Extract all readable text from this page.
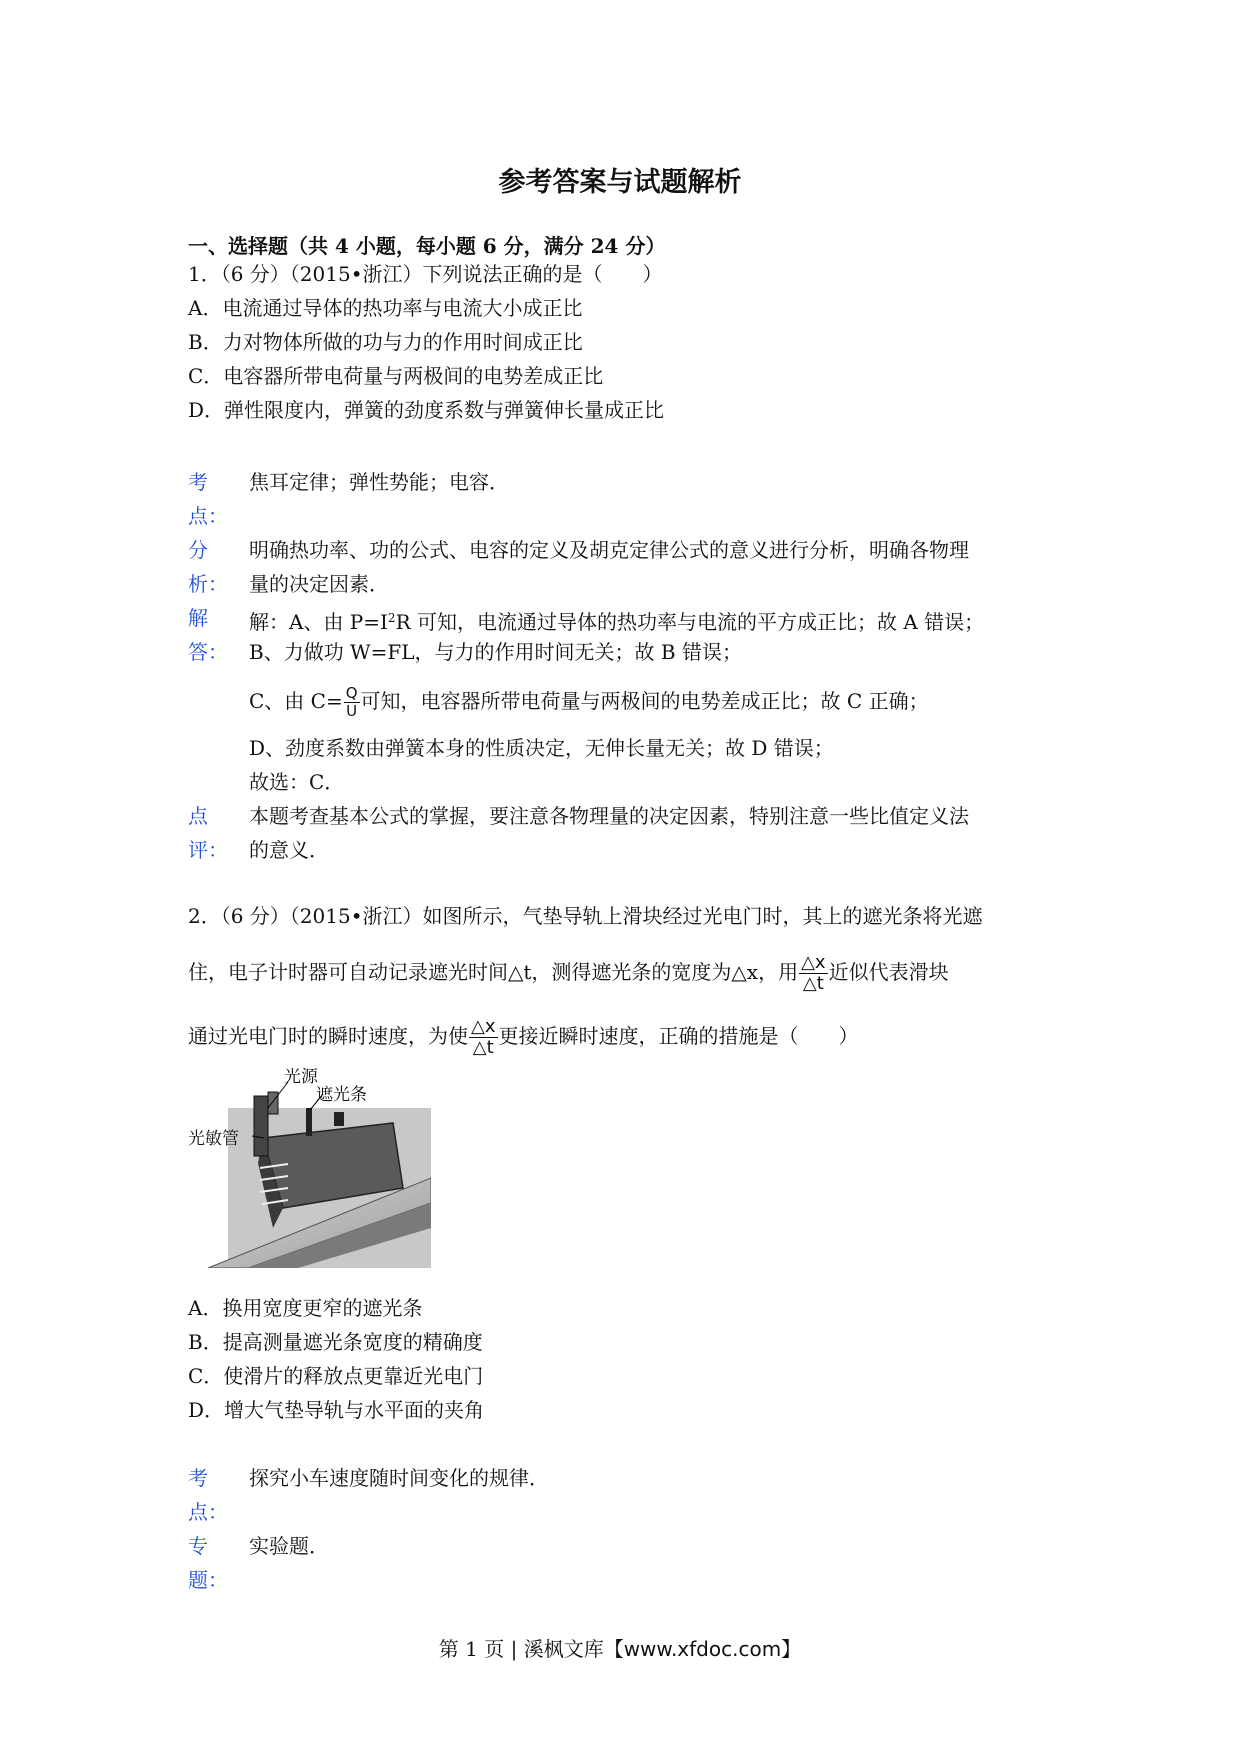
参考答案与试题解析
一、选择题（共 4 小题，每小题 6 分，满分 24 分）
1．（6 分）（2015•浙江）下列说法正确的是（　　）
A．电流通过导体的热功率与电流大小成正比
B．力对物体所做的功与力的作用时间成正比
C．电容器所带电荷量与两极间的电势差成正比
D．弹性限度内，弹簧的劲度系数与弹簧伸长量成正比
考
点：
焦耳定律；弹性势能；电容．
分
析：
明确热功率、功的公式、电容的定义及胡克定律公式的意义进行分析，明确各物理
量的决定因素．
解
答：
解：A、由 $P=I^2R$ 可知，电流通过导体的热功率与电流的平方成正比；故 A 错误；
B、力做功 W=FL，与力的作用时间无关；故 B 错误；
C、由 $C= \frac{Q}{U}$ 可知，电容器所带电荷量与两极间的电势差成正比；故 C 正确；
D、劲度系数由弹簧本身的性质决定，无伸长量无关；故 D 错误；
故选：C．
点
评：
本题考查基本公式的掌握，要注意各物理量的决定因素，特别注意一些比值定义法
的意义．
2．（6 分）（2015•浙江）如图所示，气垫导轨上滑块经过光电门时，其上的遮光条将光遮
住，电子计时器可自动记录遮光时间△t，测得遮光条的宽度为△x，用 $\frac{\triangle x}{\triangle t}$ 近似代表滑块
通过光电门时的瞬时速度，为使 $\frac{\triangle x}{\triangle t}$ 更接近瞬时速度，正确的措施是（　　）
光源
遮光条
光敏管
A．换用宽度更窄的遮光条
B．提高测量遮光条宽度的精确度
C．使滑片的释放点更靠近光电门
D．增大气垫导轨与水平面的夹角
考
点：
探究小车速度随时间变化的规律．
专
题：
实验题．
第 1 页 | 溪枫文库【www.xfdoc.com】
